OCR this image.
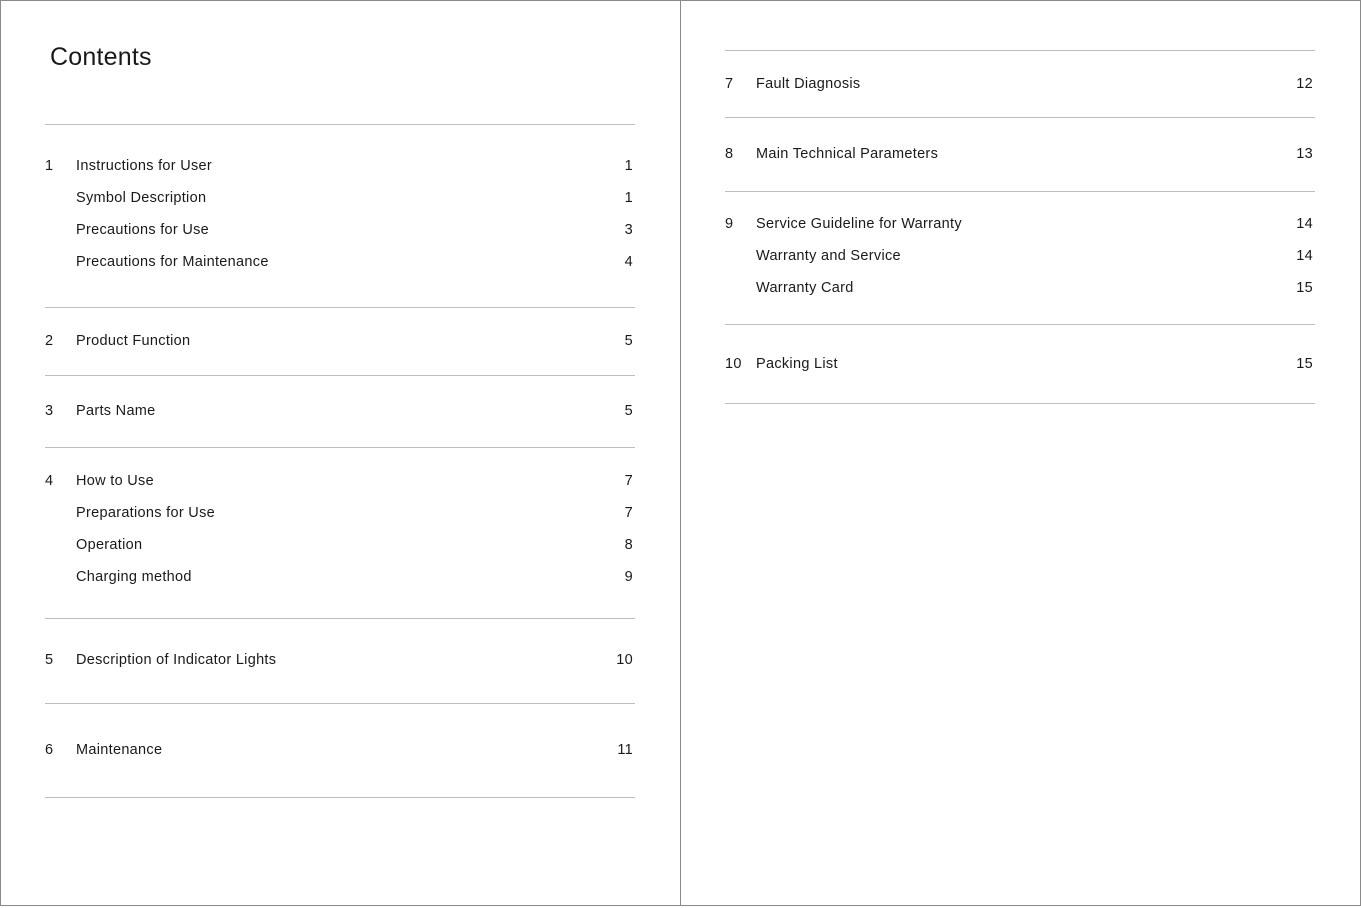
Contents
1 Instructions for User	1
Symbol Description	1
Precautions for Use	3
Precautions for Maintenance	4
2 Product Function	5
3 Parts Name	5
4 How to Use	7
Preparations for Use	7
Operation	8
Charging method	9
5 Description of Indicator Lights	10
6 Maintenance	11
7 Fault Diagnosis	12
8 Main Technical Parameters	13
9 Service Guideline for Warranty	14
Warranty and Service	14
Warranty Card	15
10 Packing List	15
